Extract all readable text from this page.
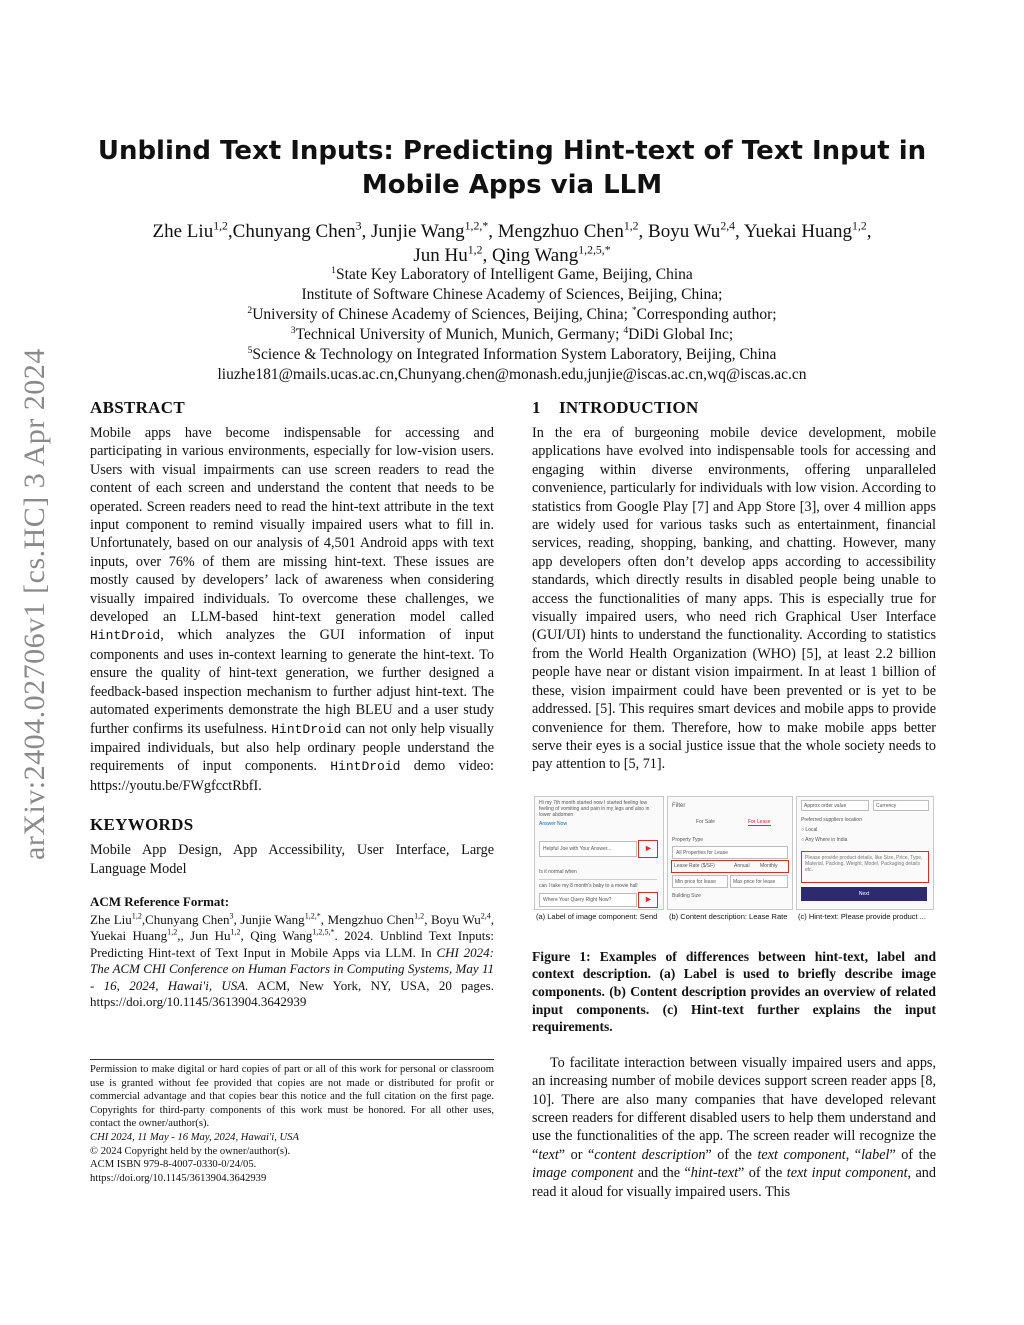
arXiv:2404.02706v1 [cs.HC] 3 Apr 2024
Unblind Text Inputs: Predicting Hint-text of Text Input in Mobile Apps via LLM
Zhe Liu$^{1,2}$,Chunyang Chen$^3$, Junjie Wang$^{1,2,*}$, Mengzhuo Chen$^{1,2}$, Boyu Wu$^{2,4}$, Yuekai Huang$^{1,2}$,
Jun Hu$^{1,2}$, Qing Wang$^{1,2,5,*}$
$^1$State Key Laboratory of Intelligent Game, Beijing, China
Institute of Software Chinese Academy of Sciences, Beijing, China;
$^2$University of Chinese Academy of Sciences, Beijing, China; *Corresponding author;
$^3$Technical University of Munich, Munich, Germany; $^4$DiDi Global Inc;
$^5$Science & Technology on Integrated Information System Laboratory, Beijing, China
liuzhe181@mails.ucas.ac.cn,Chunyang.chen@monash.edu,junjie@iscas.ac.cn,wq@iscas.ac.cn
ABSTRACT

Mobile apps have become indispensable for accessing and participating in various environments, especially for low-vision users. Users with visual impairments can use screen readers to read the content of each screen and understand the content that needs to be operated. Screen readers need to read the hint-text attribute in the text input component to remind visually impaired users what to fill in. Unfortunately, based on our analysis of 4,501 Android apps with text inputs, over 76% of them are missing hint-text. These issues are mostly caused by developers’ lack of awareness when considering visually impaired individuals. To overcome these challenges, we developed an LLM-based hint-text generation model called HintDroid, which analyzes the GUI information of input components and uses in-context learning to generate the hint-text. To ensure the quality of hint-text generation, we further designed a feedback-based inspection mechanism to further adjust hint-text. The automated experiments demonstrate the high BLEU and a user study further confirms its usefulness. HintDroid can not only help visually impaired individuals, but also help ordinary people understand the requirements of input components. HintDroid demo video: https://youtu.be/FWgfcctRbfI.

KEYWORDS

Mobile App Design, App Accessibility, User Interface, Large Language Model

ACM Reference Format:
Zhe Liu$^{1,2}$,Chunyang Chen$^3$, Junjie Wang$^{1,2,*}$, Mengzhuo Chen$^{1,2}$, Boyu Wu$^{2,4}$, Yuekai Huang$^{1,2}$,, Jun Hu$^{1,2}$, Qing Wang$^{1,2,5,*}$. 2024. Unblind Text Inputs: Predicting Hint-text of Text Input in Mobile Apps via LLM. In CHI 2024: The ACM CHI Conference on Human Factors in Computing Systems, May 11 - 16, 2024, Hawai'i, USA. ACM, New York, NY, USA, 20 pages. https://doi.org/10.1145/3613904.3642939
Permission to make digital or hard copies of part or all of this work for personal or classroom use is granted without fee provided that copies are not made or distributed for profit or commercial advantage and that copies bear this notice and the full citation on the first page. Copyrights for third-party components of this work must be honored. For all other uses, contact the owner/author(s).
CHI 2024, 11 May - 16 May, 2024, Hawai'i, USA
© 2024 Copyright held by the owner/author(s).
ACM ISBN 979-8-4007-0330-0/24/05.
https://doi.org/10.1145/3613904.3642939
1    INTRODUCTION

In the era of burgeoning mobile device development, mobile applications have evolved into indispensable tools for accessing and engaging within diverse environments, offering unparalleled convenience, particularly for individuals with low vision. According to statistics from Google Play [7] and App Store [3], over 4 million apps are widely used for various tasks such as entertainment, financial services, reading, shopping, banking, and chatting. However, many app developers often don’t develop apps according to accessibility standards, which directly results in disabled people being unable to access the functionalities of many apps. This is especially true for visually impaired users, who need rich Graphical User Interface (GUI/UI) hints to understand the functionality. According to statistics from the World Health Organization (WHO) [5], at least 2.2 billion people have near or distant vision impairment. In at least 1 billion of these, vision impairment could have been prevented or is yet to be addressed. [5]. This requires smart devices and mobile apps to provide convenience for them. Therefore, how to make mobile apps better serve their eyes is a social justice issue that the whole society needs to pay attention to [5, 71].

Hi my 7th month started now I started feeling low feeling of vomiting and pain in my legs and also in lower abdomen
Answer Now
Helpful Joe with Your Answer...	►
Is it normal when
can I take my 8 month's baby to a movie hall
Where Your Query Right Now?	►
Filter
For Sale	For Lease
Property Type
All Properties for Lease
Lease Rate ($/SF)	Annual Monthly
Min price for lease	Max price for lease
Building Size
Approx order value	Currency
Preferred suppliers location
○ Local
○ Any Where in India
Please provide product details, like Size, Price, Type, Material, Packing, Weight, Model, Packaging details etc.
Next
(a) Label of image component: Send (b) Content description: Lease Rate (c) Hint-text: Please provide product ...

Figure 1: Examples of differences between hint-text, label and context description. (a) Label is used to briefly describe image components. (b) Content description provides an overview of related input components. (c) Hint-text further explains the input requirements.

To facilitate interaction between visually impaired users and apps, an increasing number of mobile devices support screen reader apps [8, 10]. There are also many companies that have developed relevant screen readers for different disabled users to help them understand and use the functionalities of the app. The screen reader will recognize the “text” or “content description” of the text component, “label” of the image component and the “hint-text” of the text input component, and read it aloud for visually impaired users. This
